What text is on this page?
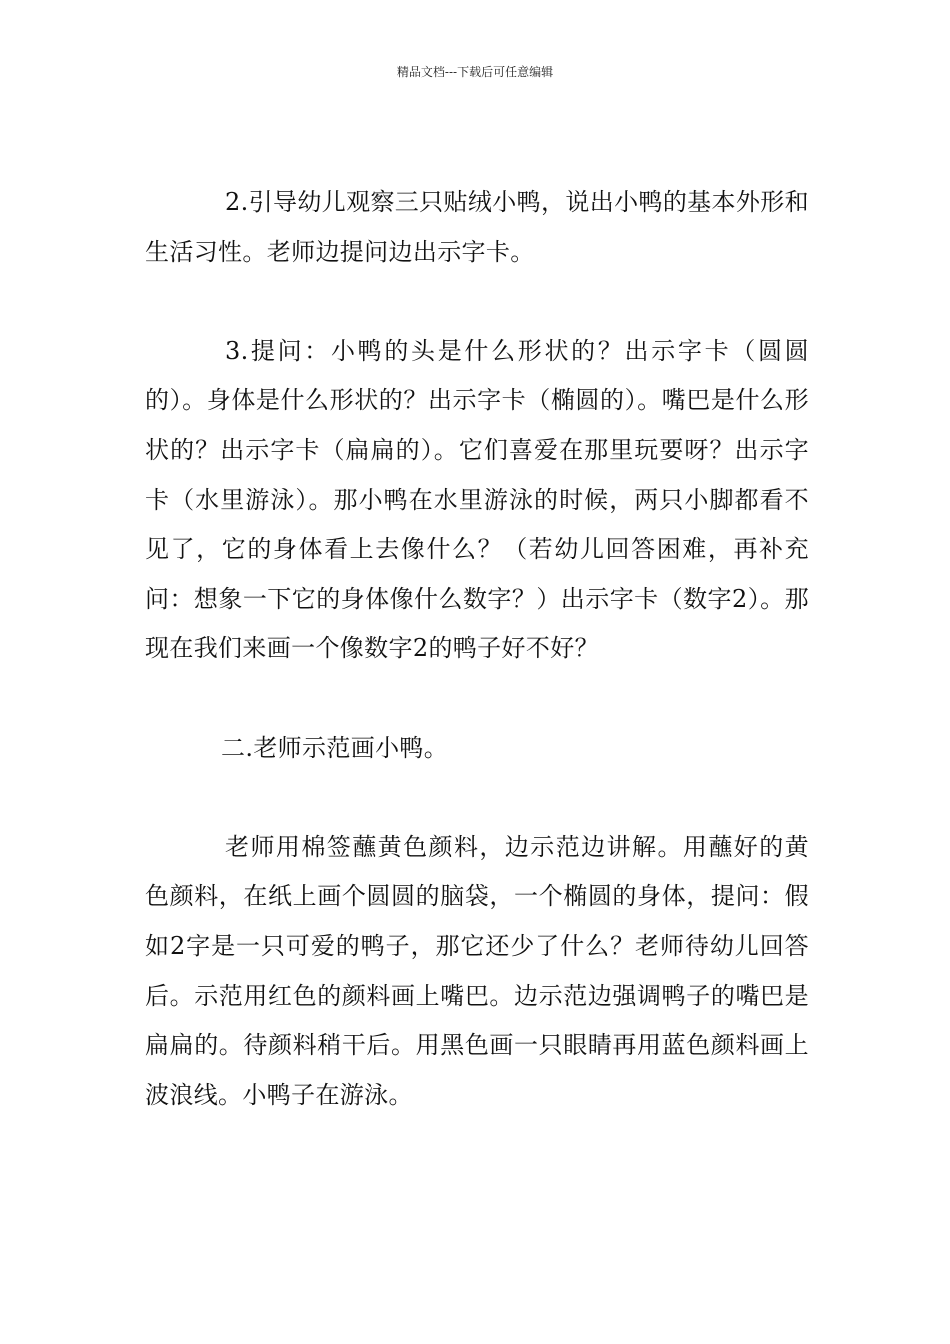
精品文档---下载后可任意编辑

2.引导幼儿观察三只贴绒小鸭，说出小鸭的基本外形和生活习性。老师边提问边出示字卡。

3.提问：小鸭的头是什么形状的？出示字卡（圆圆的）。身体是什么形状的？出示字卡（椭圆的）。嘴巴是什么形状的？出示字卡（扁扁的）。它们喜爱在那里玩要呀？出示字卡（水里游泳）。那小鸭在水里游泳的时候，两只小脚都看不见了，它的身体看上去像什么？（若幼儿回答困难，再补充问：想象一下它的身体像什么数字？）出示字卡（数字2）。那现在我们来画一个像数字2的鸭子好不好？

二.老师示范画小鸭。

老师用棉签蘸黄色颜料，边示范边讲解。用蘸好的黄色颜料，在纸上画个圆圆的脑袋，一个椭圆的身体，提问：假如2字是一只可爱的鸭子，那它还少了什么？老师待幼儿回答后。示范用红色的颜料画上嘴巴。边示范边强调鸭子的嘴巴是扁扁的。待颜料稍干后。用黑色画一只眼睛再用蓝色颜料画上波浪线。小鸭子在游泳。
